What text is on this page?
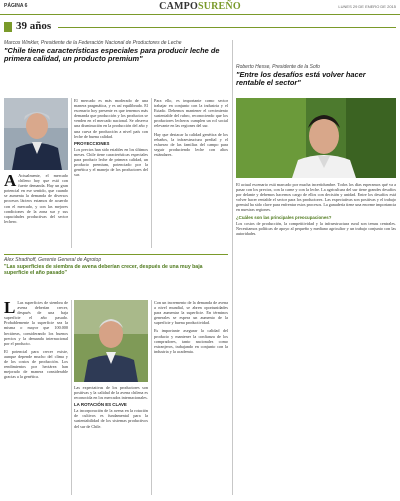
PÁGINA 6	CAMPOSUREÑO	LUNES 29 DE ENERO DE 2015
39 años
Marcos Winkler, Presidente de la Federación Nacional de Productores de Leche
"Chile tiene características especiales para producir leche de primera calidad, un producto premium"
A Actualmente, el mercado chileno hoy que está con fuerte demanda. Hay un gran potencial en ese sentido, que cuando se aumenta la demanda de diversos procesos lácteos estamos de acuerdo con el mercado, y con las mejores condiciones de la zona sur y sus capacidades productivas del sector lechero.
El mercado es más moderado de una manera pragmática, y es así equilibrado. El escenario hoy presente es que tenemos más demanda que producción y los productos se venden en el mercado nacional. Se observa una disminución en la producción del año y una curva de producción a nivel país con leche de buena calidad.
PROYECCIONES
Los precios han sido estables en los últimos meses. Chile tiene características especiales para producir leche de primera calidad, un producto premium, potenciado por la genética y el manejo de los productores del sur.
Para ello, es importante como sector trabajar en conjunto con la industria y el Estado. Debemos mantener el crecimiento sustentable del rubro, reconociendo que los productores lecheros cumplen un rol social relevante en las regiones del sur.
Hay que destacar la calidad genética de los rebaños, la infraestructura predial y el esfuerzo de las familias del campo para seguir produciendo leche con altos estándares.
Roberto Hesse, Presidente de la Sofo
"Entre los desafíos está volver hacer rentable el sector"
El actual escenario está marcado por mucha incertidumbre. Todos los días esperamos qué va a pasar con los precios, con la carne y con la leche. La agricultura del sur tiene grandes desafíos por delante y debemos hacernos cargo de ellos con decisión y unidad. Entre los desafíos está volver hacer rentable el sector para los productores. Las expectativas son positivas y el trabajo gremial ha sido clave para enfrentar estos procesos. La ganadería tiene una enorme importancia en nuestras regiones.
¿Cuáles son las principales preocupaciones?
Los costos de producción, la competitividad y la infraestructura rural son temas centrales. Necesitamos políticas de apoyo al pequeño y mediano agricultor y un trabajo conjunto con las autoridades.
Alex Stradhoff, Gerente General de Agrotop
"Las superficies de siembra de avena deberían crecer, después de una muy baja superficie el año pasado"
L Las superficies de siembra de avena deberían crecer, después de una baja superficie el año pasado. Probablemente la superficie sea la misma o mayor que 100.000 hectáreas, considerando los buenos precios y la demanda internacional por el producto.
El potencial para crecer existe, aunque depende mucho del clima y de los costos de producción. Los rendimientos por hectárea han mejorado de manera considerable gracias a la genética.
Las expectativas de los productores son positivas y la calidad de la avena chilena es reconocida en los mercados internacionales.
LA ROTACIÓN ES CLAVE
La incorporación de la avena en la rotación de cultivos es fundamental para la sustentabilidad de los sistemas productivos del sur de Chile.
Con un incremento de la demanda de avena a nivel mundial, se abren oportunidades para aumentar la superficie. En términos generales se espera un aumento de la superficie y buena productividad.
Es importante asegurar la calidad del producto y mantener la confianza de los compradores, tanto nacionales como extranjeros, trabajando en conjunto con la industria y la academia.
